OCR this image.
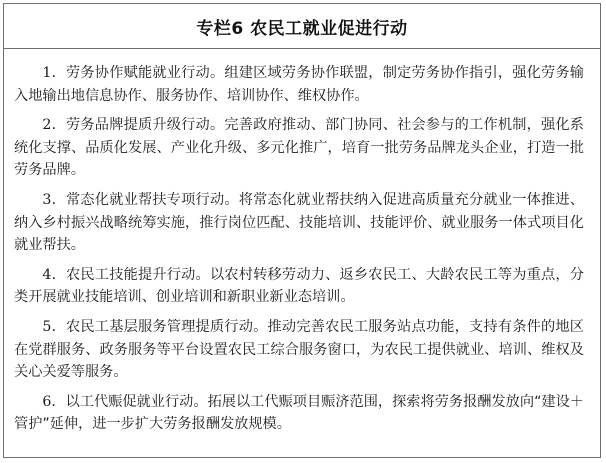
专栏6 农民工就业促进行动

1．劳务协作赋能就业行动。组建区域劳务协作联盟，制定劳务协作指引，强化劳务输入地输出地信息协作、服务协作、培训协作、维权协作。

2．劳务品牌提质升级行动。完善政府推动、部门协同、社会参与的工作机制，强化系统化支撑、品质化发展、产业化升级、多元化推广，培育一批劳务品牌龙头企业，打造一批劳务品牌。

3．常态化就业帮扶专项行动。将常态化就业帮扶纳入促进高质量充分就业一体推进、纳入乡村振兴战略统筹实施，推行岗位匹配、技能培训、技能评价、就业服务一体式项目化就业帮扶。

4．农民工技能提升行动。以农村转移劳动力、返乡农民工、大龄农民工等为重点，分类开展就业技能培训、创业培训和新职业新业态培训。

5．农民工基层服务管理提质行动。推动完善农民工服务站点功能，支持有条件的地区在党群服务、政务服务等平台设置农民工综合服务窗口，为农民工提供就业、培训、维权及关心关爱等服务。

6．以工代赈促就业行动。拓展以工代赈项目赈济范围，探索将劳务报酬发放向“建设＋管护”延伸，进一步扩大劳务报酬发放规模。
